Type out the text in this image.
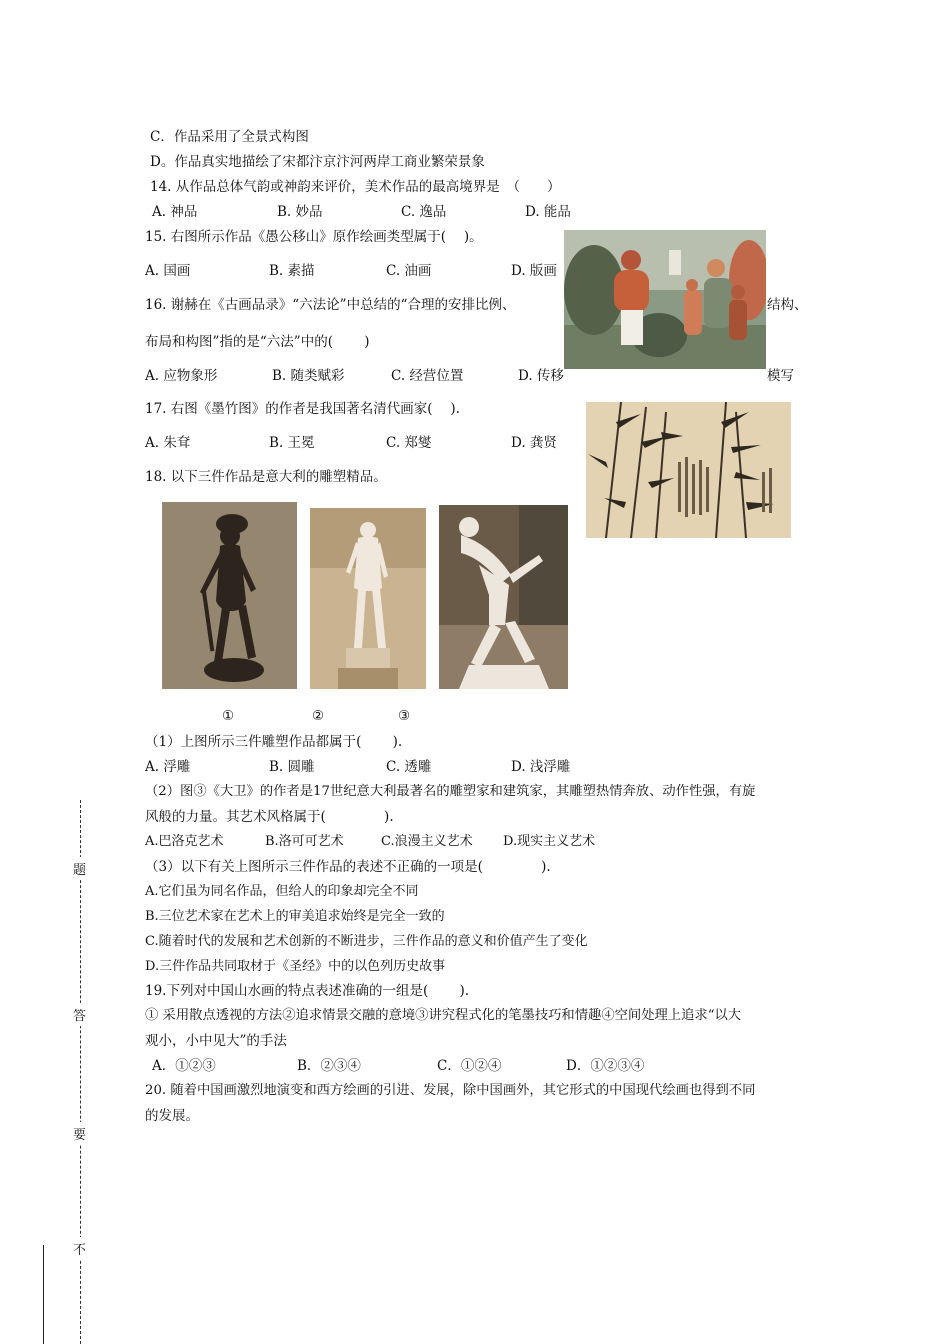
C．作品采用了全景式构图
D。作品真实地描绘了宋都汴京汴河两岸工商业繁荣景象
14. 从作品总体气韵或神韵来评价，美术作品的最高境界是　（　　）
A. 神品	B. 妙品	C. 逸品	D. 能品
15. 右图所示作品《愚公移山》原作绘画类型属于(　 )。
A. 国画	B. 素描	C. 油画	D. 版画
16. 谢赫在《古画品录》“六法论”中总结的“合理的安排比例、	结构、
布局和构图”指的是“六法”中的(　　 )
A. 应物象形	B. 随类赋彩	C. 经营位置	D. 传移	模写
17. 右图《墨竹图》的作者是我国著名清代画家(　 ).
A. 朱耷	B. 王冕	C. 郑燮	D. 龚贤
18. 以下三件作品是意大利的雕塑精品。
①	②	③
（1）上图所示三件雕塑作品都属于(　　 ).
A. 浮雕	B. 圆雕	C. 透雕	D. 浅浮雕
（2）图③《大卫》的作者是17世纪意大利最著名的雕塑家和建筑家，其雕塑热情奔放、动作性强，有旋
风般的力量。其艺术风格属于(　　　　 ).
A.巴洛克艺术	B.洛可可艺术	C.浪漫主义艺术 D.现实主义艺术
（3）以下有关上图所示三件作品的表述不正确的一项是(　　　　 ).
A.它们虽为同名作品，但给人的印象却完全不同
B.三位艺术家在艺术上的审美追求始终是完全一致的
C.随着时代的发展和艺术创新的不断进步，三件作品的意义和价值产生了变化
D.三件作品共同取材于《圣经》中的以色列历史故事
19.下列对中国山水画的特点表述准确的一组是(　　 ).
① 采用散点透视的方法②追求情景交融的意境③讲究程式化的笔墨技巧和情趣④空间处理上追求“以大
观小，小中见大”的手法
A．①②③	B．②③④	C．①②④	D．①②③④
20. 随着中国画激烈地演变和西方绘画的引进、发展，除中国画外，其它形式的中国现代绘画也得到不同
的发展。
题
答
要
不
